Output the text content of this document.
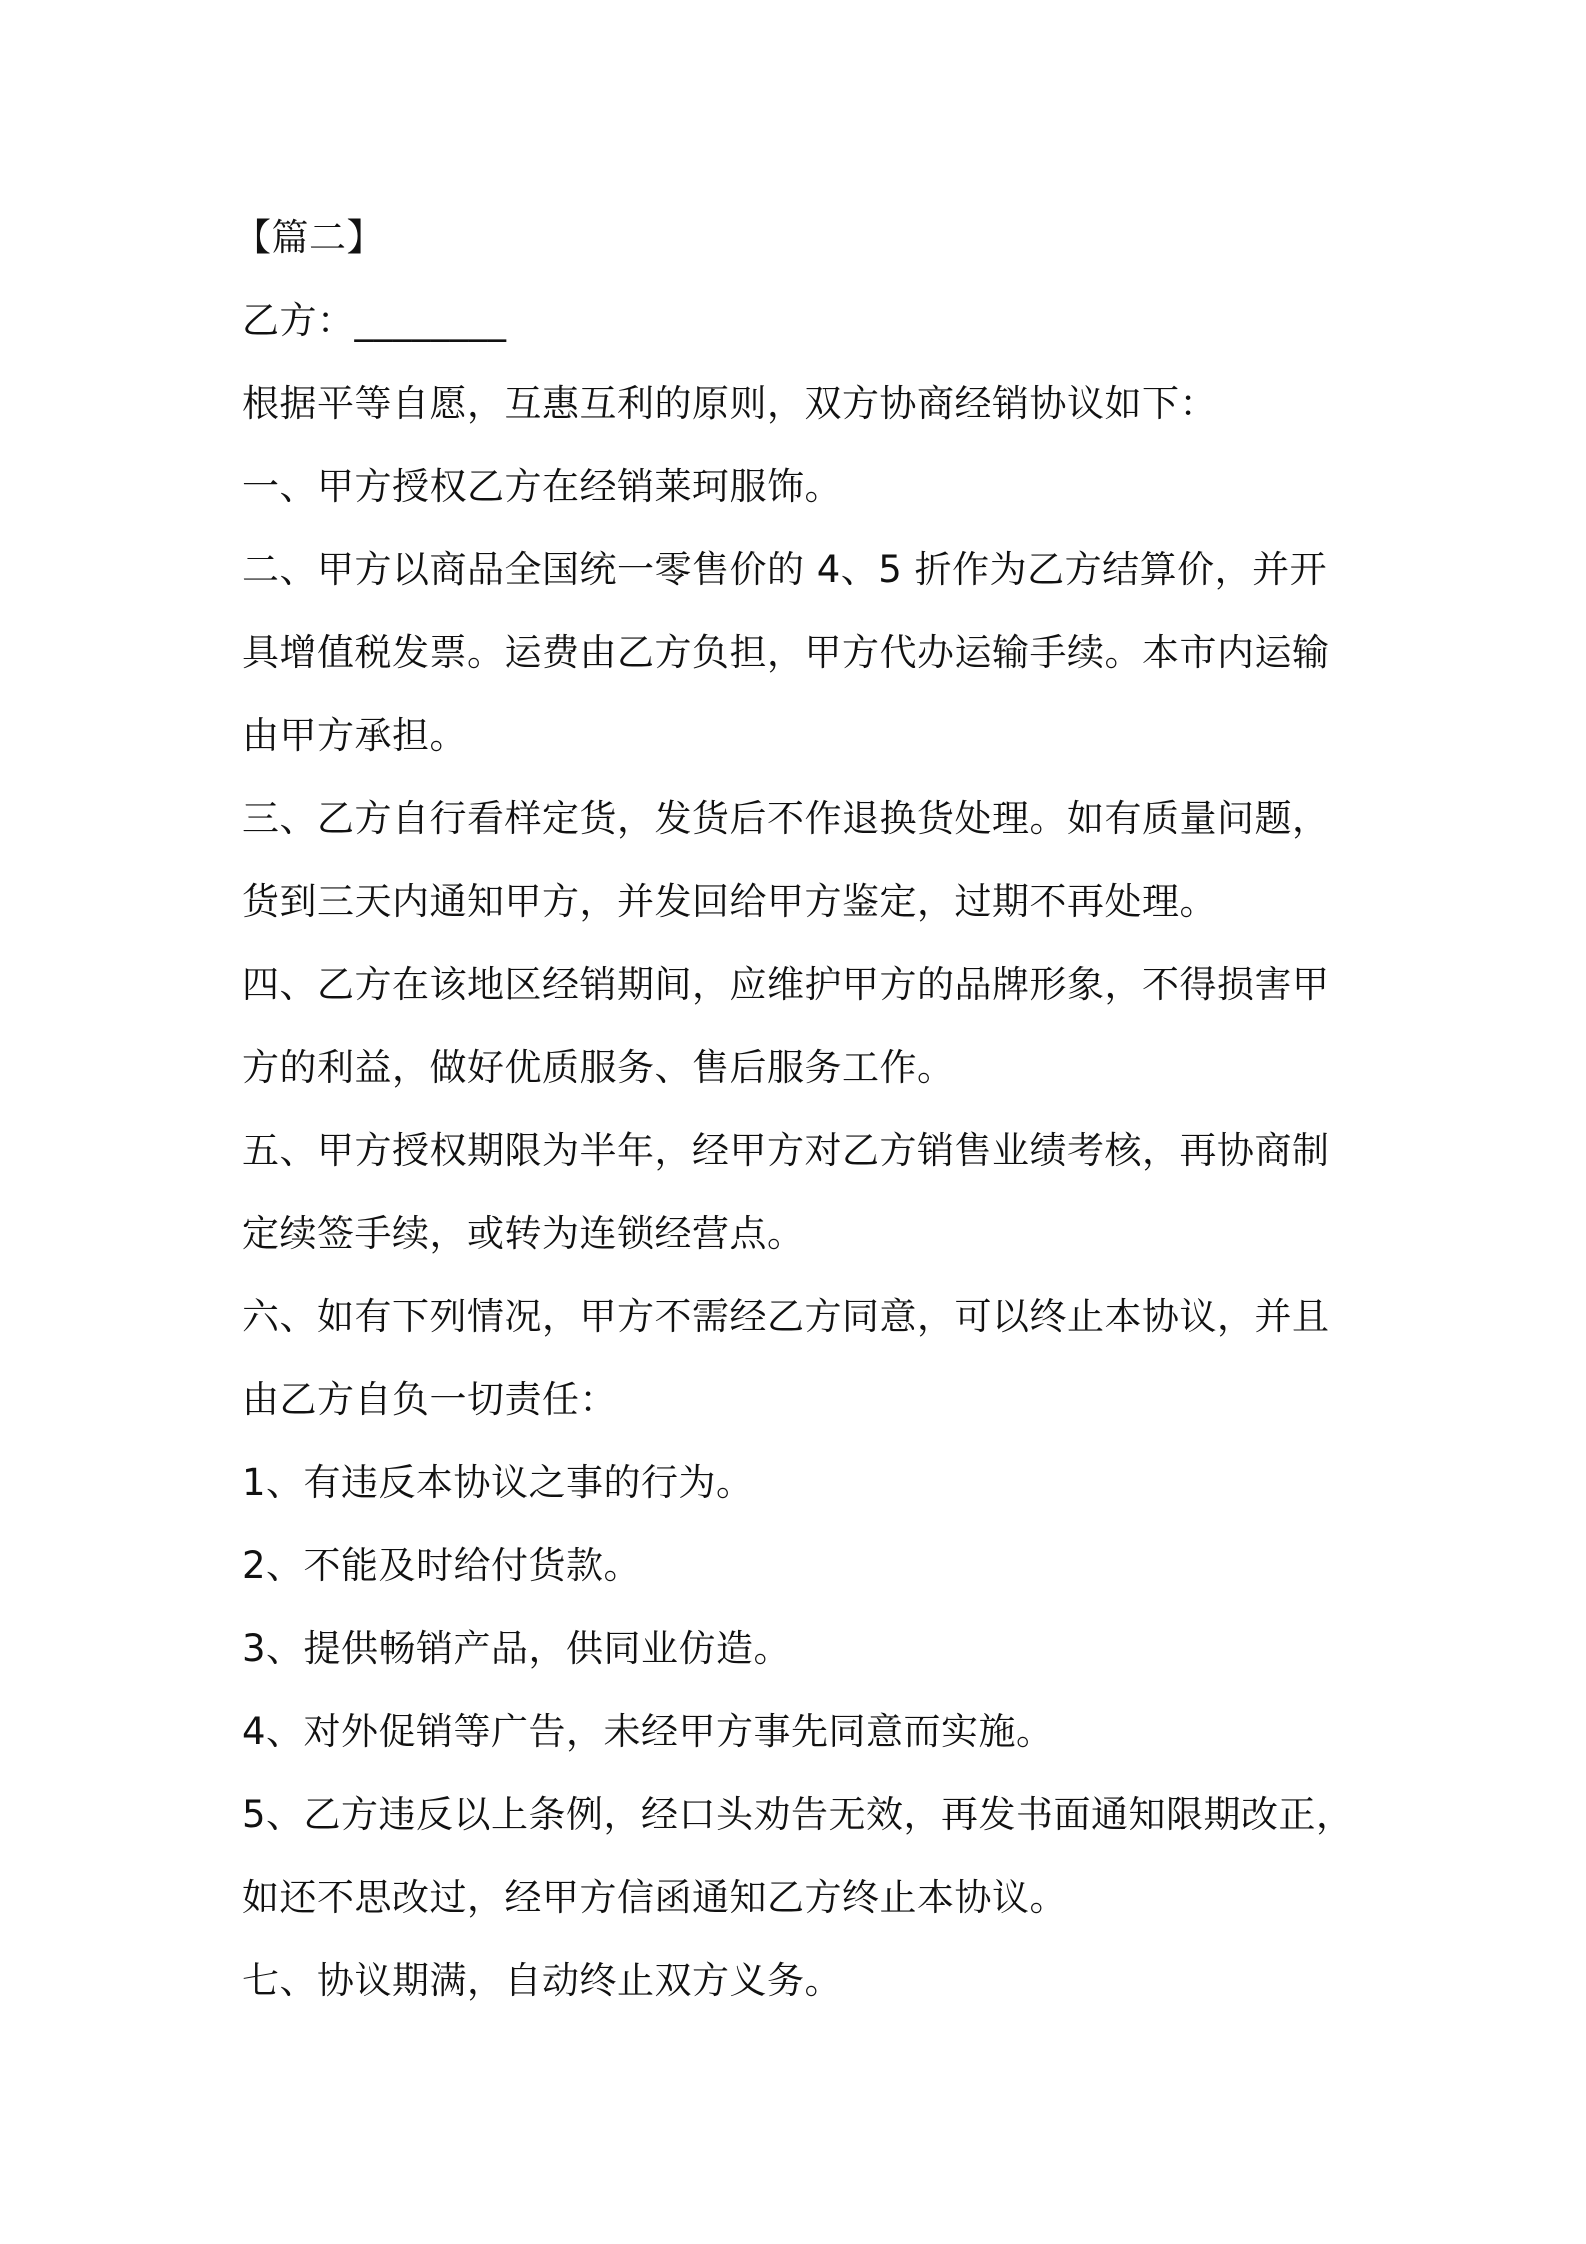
【篇二】

乙方：________

根据平等自愿，互惠互利的原则，双方协商经销协议如下：

一、甲方授权乙方在经销莱珂服饰。

二、甲方以商品全国统一零售价的 4、5 折作为乙方结算价，并开具增值税发票。运费由乙方负担，甲方代办运输手续。本市内运输由甲方承担。

三、乙方自行看样定货，发货后不作退换货处理。如有质量问题，货到三天内通知甲方，并发回给甲方鉴定，过期不再处理。

四、乙方在该地区经销期间，应维护甲方的品牌形象，不得损害甲方的利益，做好优质服务、售后服务工作。

五、甲方授权期限为半年，经甲方对乙方销售业绩考核，再协商制定续签手续，或转为连锁经营点。

六、如有下列情况，甲方不需经乙方同意，可以终止本协议，并且由乙方自负一切责任：

1、有违反本协议之事的行为。

2、不能及时给付货款。

3、提供畅销产品，供同业仿造。

4、对外促销等广告，未经甲方事先同意而实施。

5、乙方违反以上条例，经口头劝告无效，再发书面通知限期改正，如还不思改过，经甲方信函通知乙方终止本协议。

七、协议期满，自动终止双方义务。
